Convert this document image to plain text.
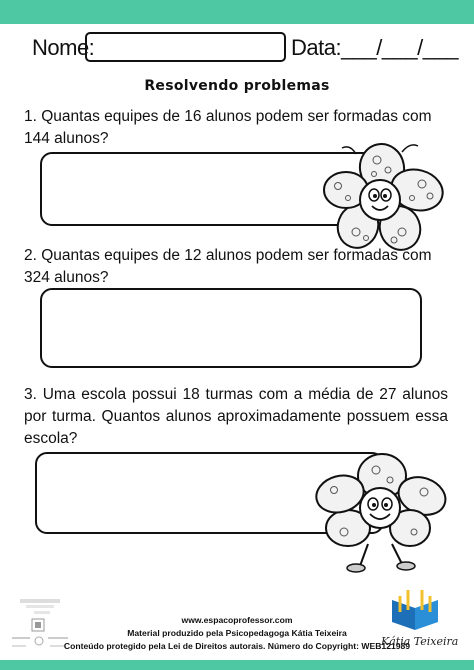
Nome:	Data:___/___/___
Resolvendo problemas
1. Quantas equipes de 16 alunos podem ser formadas com 144 alunos?
2. Quantas equipes de 12 alunos podem ser formadas com 324 alunos?
3. Uma escola possui 18 turmas com a média de 27 alunos por turma. Quantos alunos aproximadamente possuem essa escola?
www.espacoprofessor.com
Material produzido pela Psicopedagoga Kátia Teixeira
Conteúdo protegido pela Lei de Direitos autorais. Número do Copyright: WEB121989
Kátia Teixeira
